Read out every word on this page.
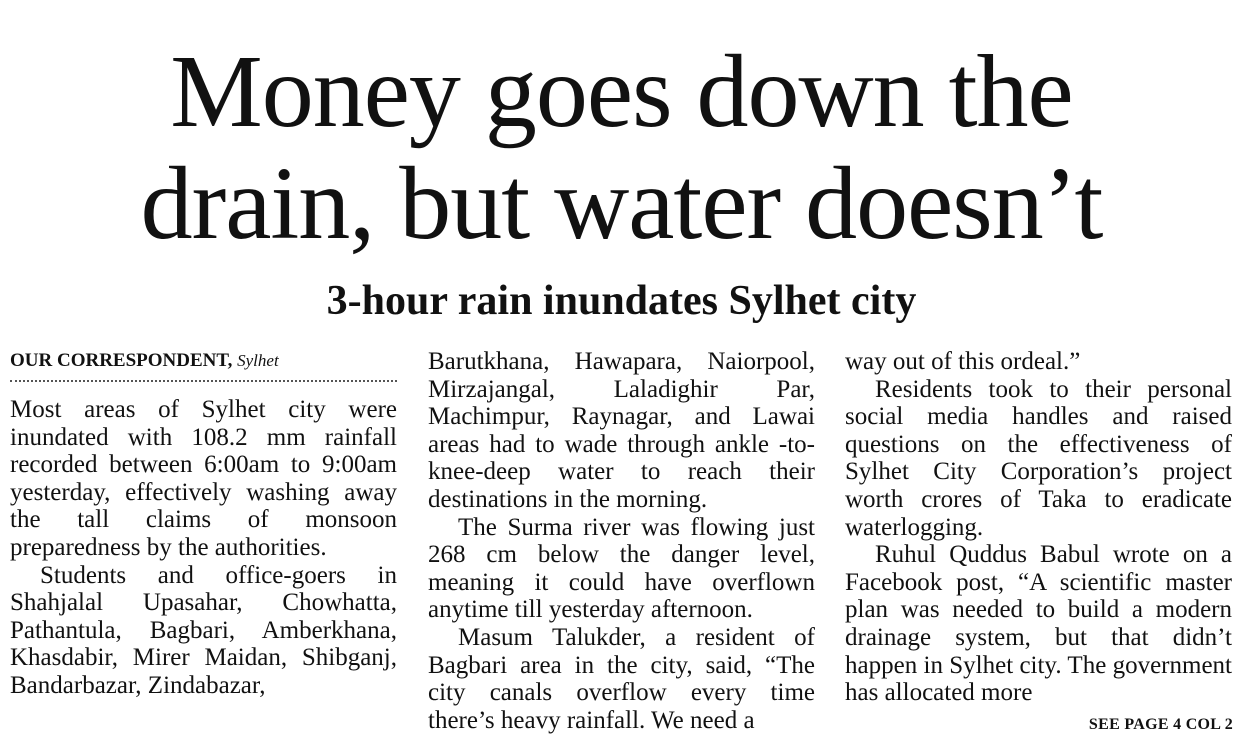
Money goes down the
drain, but water doesn’t
3-hour rain inundates Sylhet city
OUR CORRESPONDENT, Sylhet

Most areas of Sylhet city were inundated with 108.2 mm rainfall recorded between 6:00am to 9:00am yesterday, effectively washing away the tall claims of monsoon preparedness by the authorities.

Students and office-goers in Shahjalal Upasahar, Chowhatta, Pathantula, Bagbari, Amberkhana, Khasdabir, Mirer Maidan, Shibganj, Bandarbazar, Zindabazar,

Barutkhana, Hawapara, Naiorpool, Mirzajangal, Laladighir Par, Machimpur, Raynagar, and Lawai areas had to wade through ankle -to-knee-deep water to reach their destinations in the morning.

The Surma river was flowing just 268 cm below the danger level, meaning it could have overflown anytime till yesterday afternoon.

Masum Talukder, a resident of Bagbari area in the city, said, “The city canals overflow every time there’s heavy rainfall. We need a

way out of this ordeal.”

Residents took to their personal social media handles and raised questions on the effectiveness of Sylhet City Corporation’s project worth crores of Taka to eradicate waterlogging.

Ruhul Quddus Babul wrote on a Facebook post, “A scientific master plan was needed to build a modern drainage system, but that didn’t happen in Sylhet city. The government has allocated more

SEE PAGE 4 COL 2
